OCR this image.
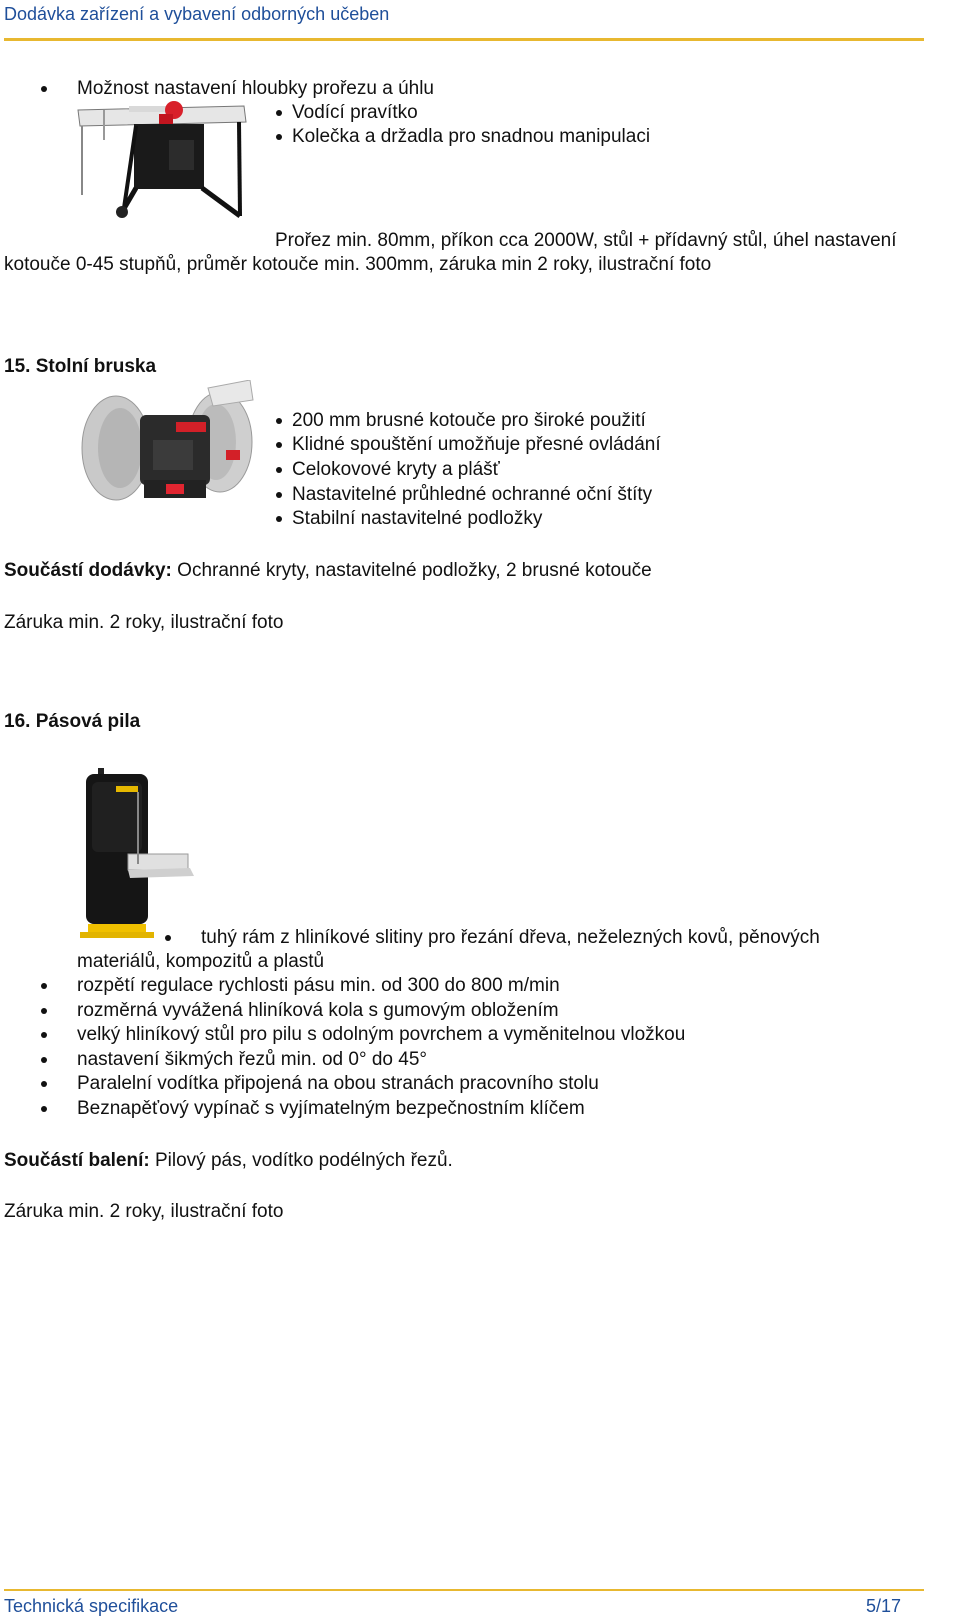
Dodávka zařízení a vybavení odborných učeben
Možnost nastavení hloubky prořezu a úhlu
Vodící pravítko
Kolečka a držadla pro snadnou manipulaci
Prořez min. 80mm, příkon cca 2000W, stůl + přídavný stůl, úhel nastavení
kotouče 0-45 stupňů, průměr kotouče min. 300mm, záruka min 2 roky, ilustrační foto
15. Stolní bruska
200 mm brusné kotouče pro široké použití
Klidné spouštění umožňuje přesné ovládání
Celokovové kryty a plášť
Nastavitelné průhledné ochranné oční štíty
Stabilní nastavitelné podložky
Součástí dodávky: Ochranné kryty, nastavitelné podložky, 2 brusné kotouče
Záruka min. 2 roky, ilustrační foto
16. Pásová pila
tuhý rám z hliníkové slitiny pro řezání dřeva, neželezných kovů, pěnových
materiálů, kompozitů a plastů
rozpětí regulace rychlosti pásu min. od 300 do 800 m/min
rozměrná vyvážená hliníková kola s gumovým obložením
velký hliníkový stůl pro pilu s odolným povrchem a vyměnitelnou vložkou
nastavení šikmých řezů min. od 0° do 45°
Paralelní vodítka připojená na obou stranách pracovního stolu
Beznapěťový vypínač s vyjímatelným bezpečnostním klíčem
Součástí balení: Pilový pás, vodítko podélných řezů.
Záruka min. 2 roky, ilustrační foto
Technická specifikace	5/17
